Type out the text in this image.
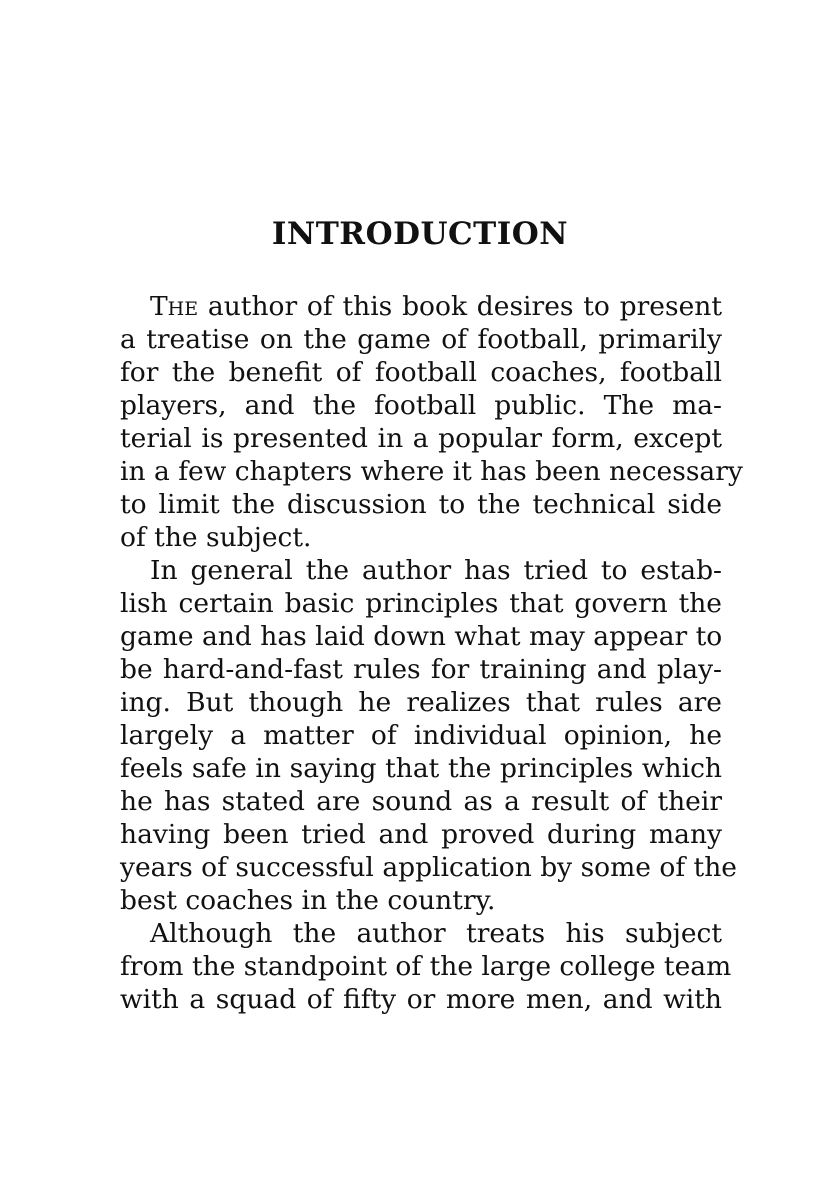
INTRODUCTION
The author of this book desires to present
a treatise on the game of football, primarily
for the benefit of football coaches, football
players, and the football public. The ma-
terial is presented in a popular form, except
in a few chapters where it has been necessary
to limit the discussion to the technical side
of the subject.
In general the author has tried to estab-
lish certain basic principles that govern the
game and has laid down what may appear to
be hard-and-fast rules for training and play-
ing. But though he realizes that rules are
largely a matter of individual opinion, he
feels safe in saying that the principles which
he has stated are sound as a result of their
having been tried and proved during many
years of successful application by some of the
best coaches in the country.
Although the author treats his subject
from the standpoint of the large college team
with a squad of fifty or more men, and with
